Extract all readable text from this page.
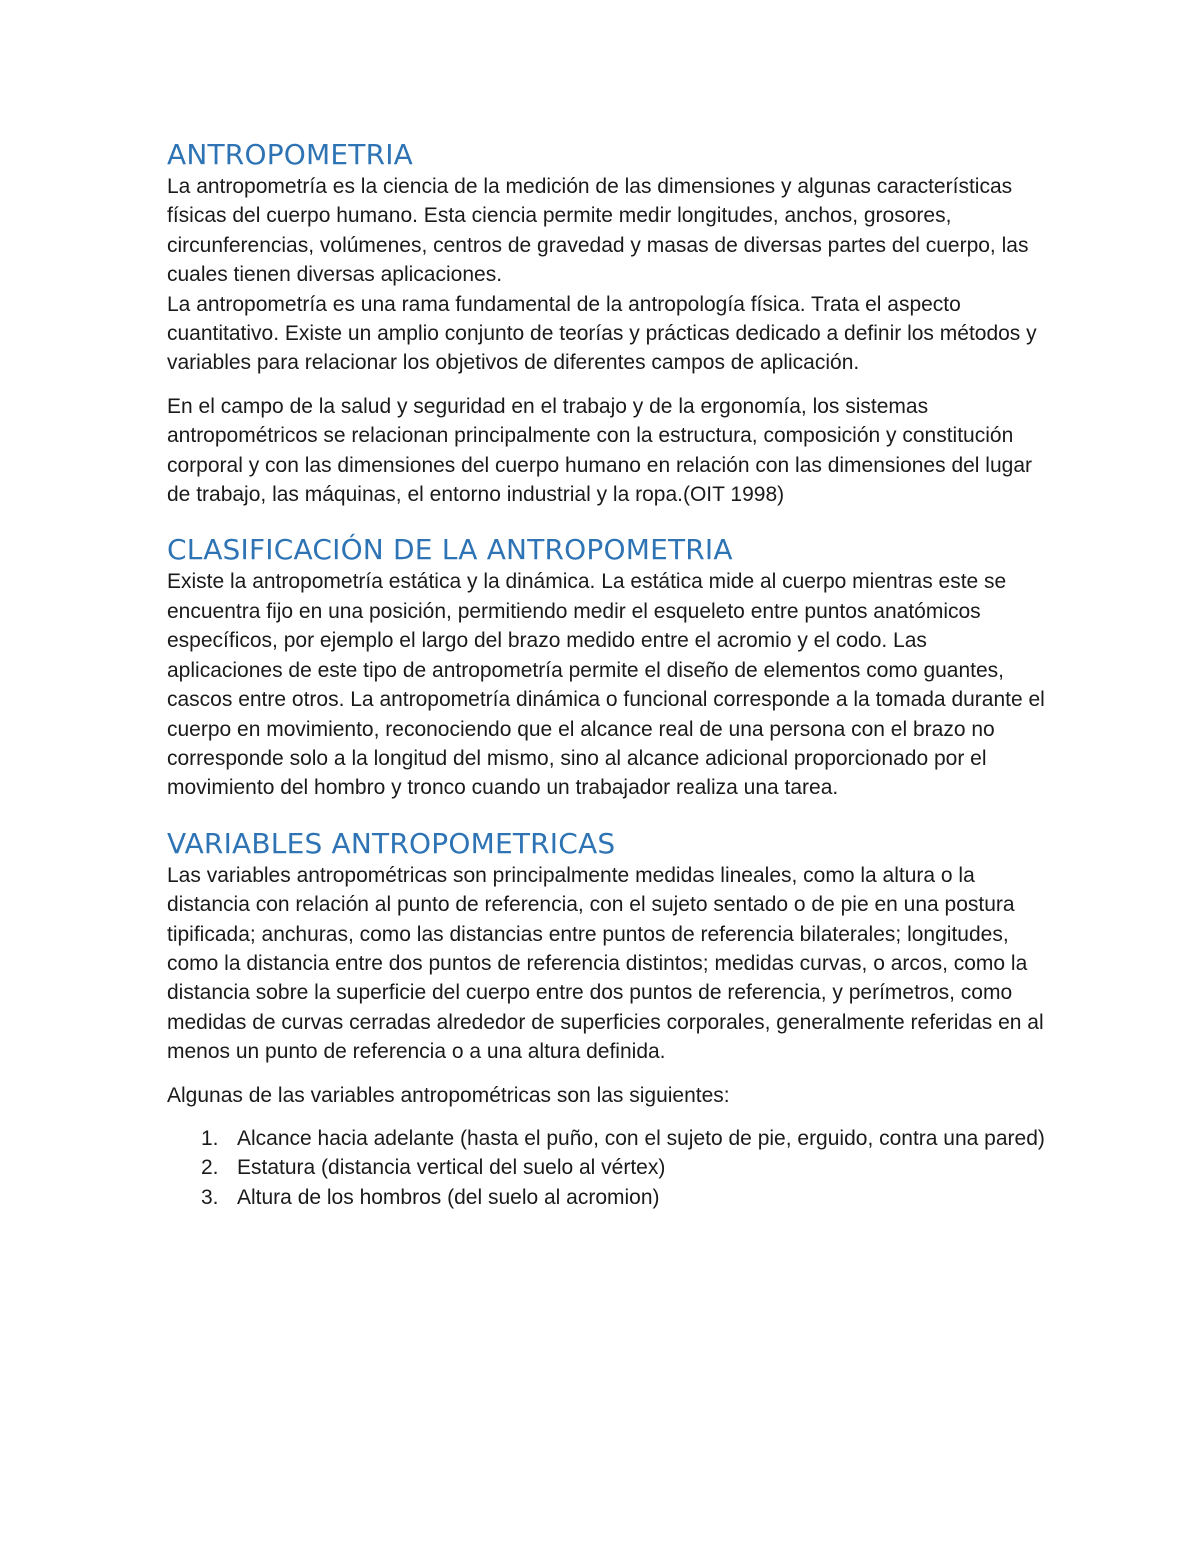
ANTROPOMETRIA

La antropometría es la ciencia de la medición de las dimensiones y algunas características físicas del cuerpo humano. Esta ciencia permite medir longitudes, anchos, grosores, circunferencias, volúmenes, centros de gravedad y masas de diversas partes del cuerpo, las cuales tienen diversas aplicaciones.

La antropometría es una rama fundamental de la antropología física. Trata el aspecto cuantitativo. Existe un amplio conjunto de teorías y prácticas dedicado a definir los métodos y variables para relacionar los objetivos de diferentes campos de aplicación.

En el campo de la salud y seguridad en el trabajo y de la ergonomía, los sistemas antropométricos se relacionan principalmente con la estructura, composición y constitución corporal y con las dimensiones del cuerpo humano en relación con las dimensiones del lugar de trabajo, las máquinas, el entorno industrial y la ropa.(OIT 1998)

CLASIFICACIÓN DE LA ANTROPOMETRIA

Existe la antropometría estática y la dinámica. La estática mide al cuerpo mientras este se encuentra fijo en una posición, permitiendo medir el esqueleto entre puntos anatómicos específicos, por ejemplo el largo del brazo medido entre el acromio y el codo. Las aplicaciones de este tipo de antropometría permite el diseño de elementos como guantes, cascos entre otros. La antropometría dinámica o funcional corresponde a la tomada durante el cuerpo en movimiento, reconociendo que el alcance real de una persona con el brazo no corresponde solo a la longitud del mismo, sino al alcance adicional proporcionado por el movimiento del hombro y tronco cuando un trabajador realiza una tarea.

VARIABLES ANTROPOMETRICAS

Las variables antropométricas son principalmente medidas lineales, como la altura o la distancia con relación al punto de referencia, con el sujeto sentado o de pie en una postura tipificada; anchuras, como las distancias entre puntos de referencia bilaterales; longitudes, como la distancia entre dos puntos de referencia distintos; medidas curvas, o arcos, como la distancia sobre la superficie del cuerpo entre dos puntos de referencia, y perímetros, como medidas de curvas cerradas alrededor de superficies corporales, generalmente referidas en al menos un punto de referencia o a una altura definida.

Algunas de las variables antropométricas son las siguientes:

1. Alcance hacia adelante (hasta el puño, con el sujeto de pie, erguido, contra una pared)
2. Estatura (distancia vertical del suelo al vértex)
3. Altura de los hombros (del suelo al acromion)
